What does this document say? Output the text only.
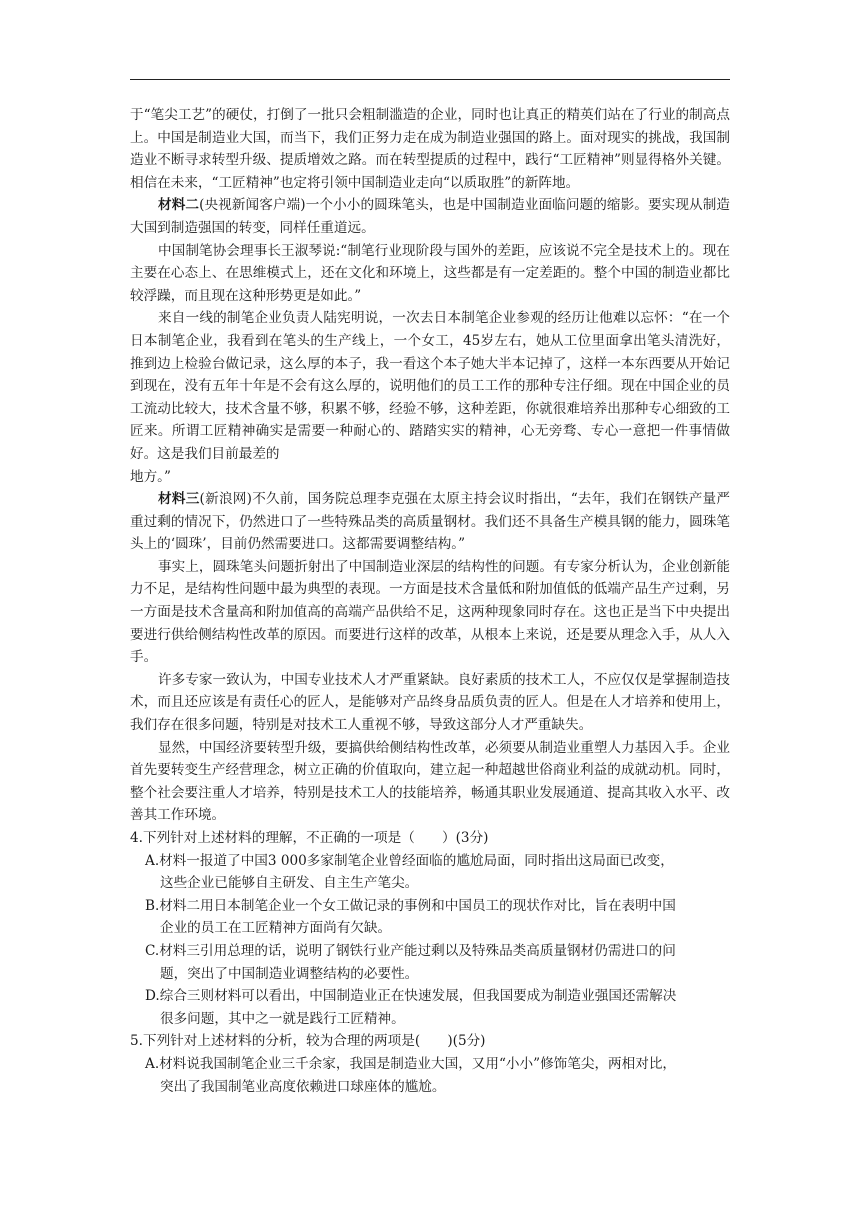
于“笔尖工艺”的硬仗，打倒了一批只会粗制滥造的企业，同时也让真正的精英们站在了行业的制高点上。中国是制造业大国，而当下，我们正努力走在成为制造业强国的路上。面对现实的挑战，我国制造业不断寻求转型升级、提质增效之路。而在转型提质的过程中，践行“工匠精神”则显得格外关键。相信在未来，“工匠精神”也定将引领中国制造业走向“以质取胜”的新阵地。

材料二(央视新闻客户端)一个小小的圆珠笔头，也是中国制造业面临问题的缩影。要实现从制造大国到制造强国的转变，同样任重道远。

中国制笔协会理事长王淑琴说:“制笔行业现阶段与国外的差距，应该说不完全是技术上的。现在主要在心态上、在思维模式上，还在文化和环境上，这些都是有一定差距的。整个中国的制造业都比较浮躁，而且现在这种形势更是如此。”

来自一线的制笔企业负责人陆宪明说，一次去日本制笔企业参观的经历让他难以忘怀：“在一个日本制笔企业，我看到在笔头的生产线上，一个女工，45岁左右，她从工位里面拿出笔头清洗好，推到边上检验台做记录，这么厚的本子，我一看这个本子她大半本记掉了，这样一本东西要从开始记到现在，没有五年十年是不会有这么厚的，说明他们的员工工作的那种专注仔细。现在中国企业的员工流动比较大，技术含量不够，积累不够，经验不够，这种差距，你就很难培养出那种专心细致的工匠来。所谓工匠精神确实是需要一种耐心的、踏踏实实的精神，心无旁骛、专心一意把一件事情做好。这是我们目前最差的

地方。”

材料三(新浪网)不久前，国务院总理李克强在太原主持会议时指出，“去年，我们在钢铁产量严重过剩的情况下，仍然进口了一些特殊品类的高质量钢材。我们还不具备生产模具钢的能力，圆珠笔头上的‘圆珠’，目前仍然需要进口。这都需要调整结构。”

事实上，圆珠笔头问题折射出了中国制造业深层的结构性的问题。有专家分析认为，企业创新能力不足，是结构性问题中最为典型的表现。一方面是技术含量低和附加值低的低端产品生产过剩，另一方面是技术含量高和附加值高的高端产品供给不足，这两种现象同时存在。这也正是当下中央提出要进行供给侧结构性改革的原因。而要进行这样的改革，从根本上来说，还是要从理念入手，从人入手。

许多专家一致认为，中国专业技术人才严重紧缺。良好素质的技术工人，不应仅仅是掌握制造技术，而且还应该是有责任心的匠人，是能够对产品终身品质负责的匠人。但是在人才培养和使用上，我们存在很多问题，特别是对技术工人重视不够，导致这部分人才严重缺失。

显然，中国经济要转型升级，要搞供给侧结构性改革，必须要从制造业重塑人力基因入手。企业首先要转变生产经营理念，树立正确的价值取向，建立起一种超越世俗商业利益的成就动机。同时，整个社会要注重人才培养，特别是技术工人的技能培养，畅通其职业发展通道、提高其收入水平、改善其工作环境。

4.下列针对上述材料的理解，不正确的一项是（　　）(3分)

A.材料一报道了中国3 000多家制笔企业曾经面临的尴尬局面，同时指出这局面已改变，
这些企业已能够自主研发、自主生产笔尖。

B.材料二用日本制笔企业一个女工做记录的事例和中国员工的现状作对比，旨在表明中国
企业的员工在工匠精神方面尚有欠缺。

C.材料三引用总理的话，说明了钢铁行业产能过剩以及特殊品类高质量钢材仍需进口的问
题，突出了中国制造业调整结构的必要性。

D.综合三则材料可以看出，中国制造业正在快速发展，但我国要成为制造业强国还需解决
很多问题，其中之一就是践行工匠精神。

5.下列针对上述材料的分析，较为合理的两项是(　　)(5分)

A.材料说我国制笔企业三千余家，我国是制造业大国，又用“小小”修饰笔尖，两相对比，
突出了我国制笔业高度依赖进口球座体的尴尬。
